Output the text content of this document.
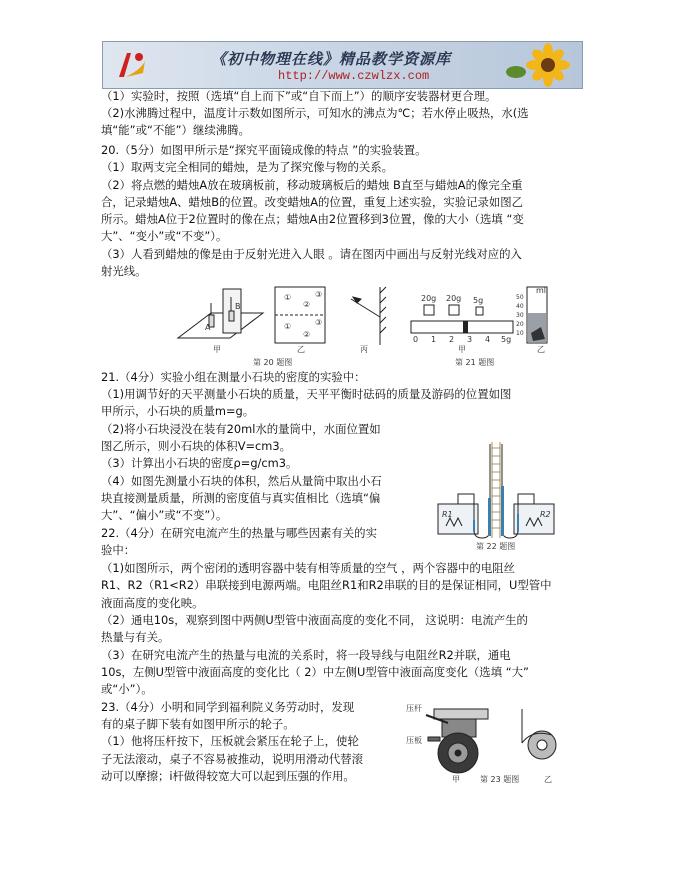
《初中物理在线》精品教学资源库
http://www.czwlzx.com
（1）实验时，按照（选填“自上而下”或“自下而上”）的顺序安装器材更合理。
（2)水沸腾过程中，温度计示数如图所示，可知水的沸点为℃；若水停止吸热，水(选
填“能”或“不能”）继续沸腾。
20.（5分）如图甲所示是“探究平面镜成像的特点 ”的实验装置。
（1）取两支完全相同的蜡烛，是为了探究像与物的关系。
（2）将点燃的蜡烛A放在玻璃板前，移动玻璃板后的蜡烛 B直至与蜡烛A的像完全重
合，记录蜡烛A、蜡烛B的位置。改变蜡烛A的位置，重复上述实验，实验记录如图乙
所示。蜡烛A位于2位置时的像在点；蜡烛A由2位置移到3位置，像的大小（选填 “变
大”、“变小”或“不变”）。
（3）人看到蜡烛的像是由于反射光进入人眼 。请在图丙中画出与反射光线对应的入
射光线。
B
A
甲
①
②
③
①
②
③
乙	丙
第 20 题图
20g 20g 5g
0 1 2 3 4 5g
甲
ml
50
40
30
20
10
乙
第 21 题图
21.（4分）实验小组在测量小石块的密度的实验中：
（1)用调节好的天平测量小石块的质量，天平平衡时砝码的质量及游码的位置如图
甲所示，小石块的质量m=g。
（2)将小石块浸没在装有20ml水的量筒中，水面位置如
图乙所示，则小石块的体积V=cm3。
（3）计算出小石块的密度ρ=g/cm3。
（4）如图先测量小石块的体积，然后从量筒中取出小石
块直接测量质量，所测的密度值与真实值相比（选填“偏
大”、“偏小”或“不变”）。
22.（4分）在研究电流产生的热量与哪些因素有关的实
验中：
R1	R2
第 22 题图
（1)如图所示，两个密闭的透明容器中装有相等质量的空气 ，两个容器中的电阻丝
R1、R2（R1<R2）串联接到电源两端。电阻丝R1和R2串联的目的是保证相同，U型管中
液面高度的变化映。
（2）通电10s，观察到图中两侧U型管中液面高度的变化不同， 这说明：电流产生的
热量与有关。
（3）在研究电流产生的热量与电流的关系时，将一段导线与电阻丝R2并联，通电
10s，左侧U型管中液面高度的变化比（ 2）中左侧U型管中液面高度变化（选填 “大”
或“小”）。
23.（4分）小明和同学到福利院义务劳动时，发现
有的桌子脚下装有如图甲所示的轮子。
（1）他将压杆按下，压板就会紧压在轮子上，使轮
子无法滚动，桌子不容易被推动，说明用滑动代替滚
动可以摩擦；i杆做得较宽大可以起到压强的作用。
压杆
压板
甲	乙
第 23 题图
